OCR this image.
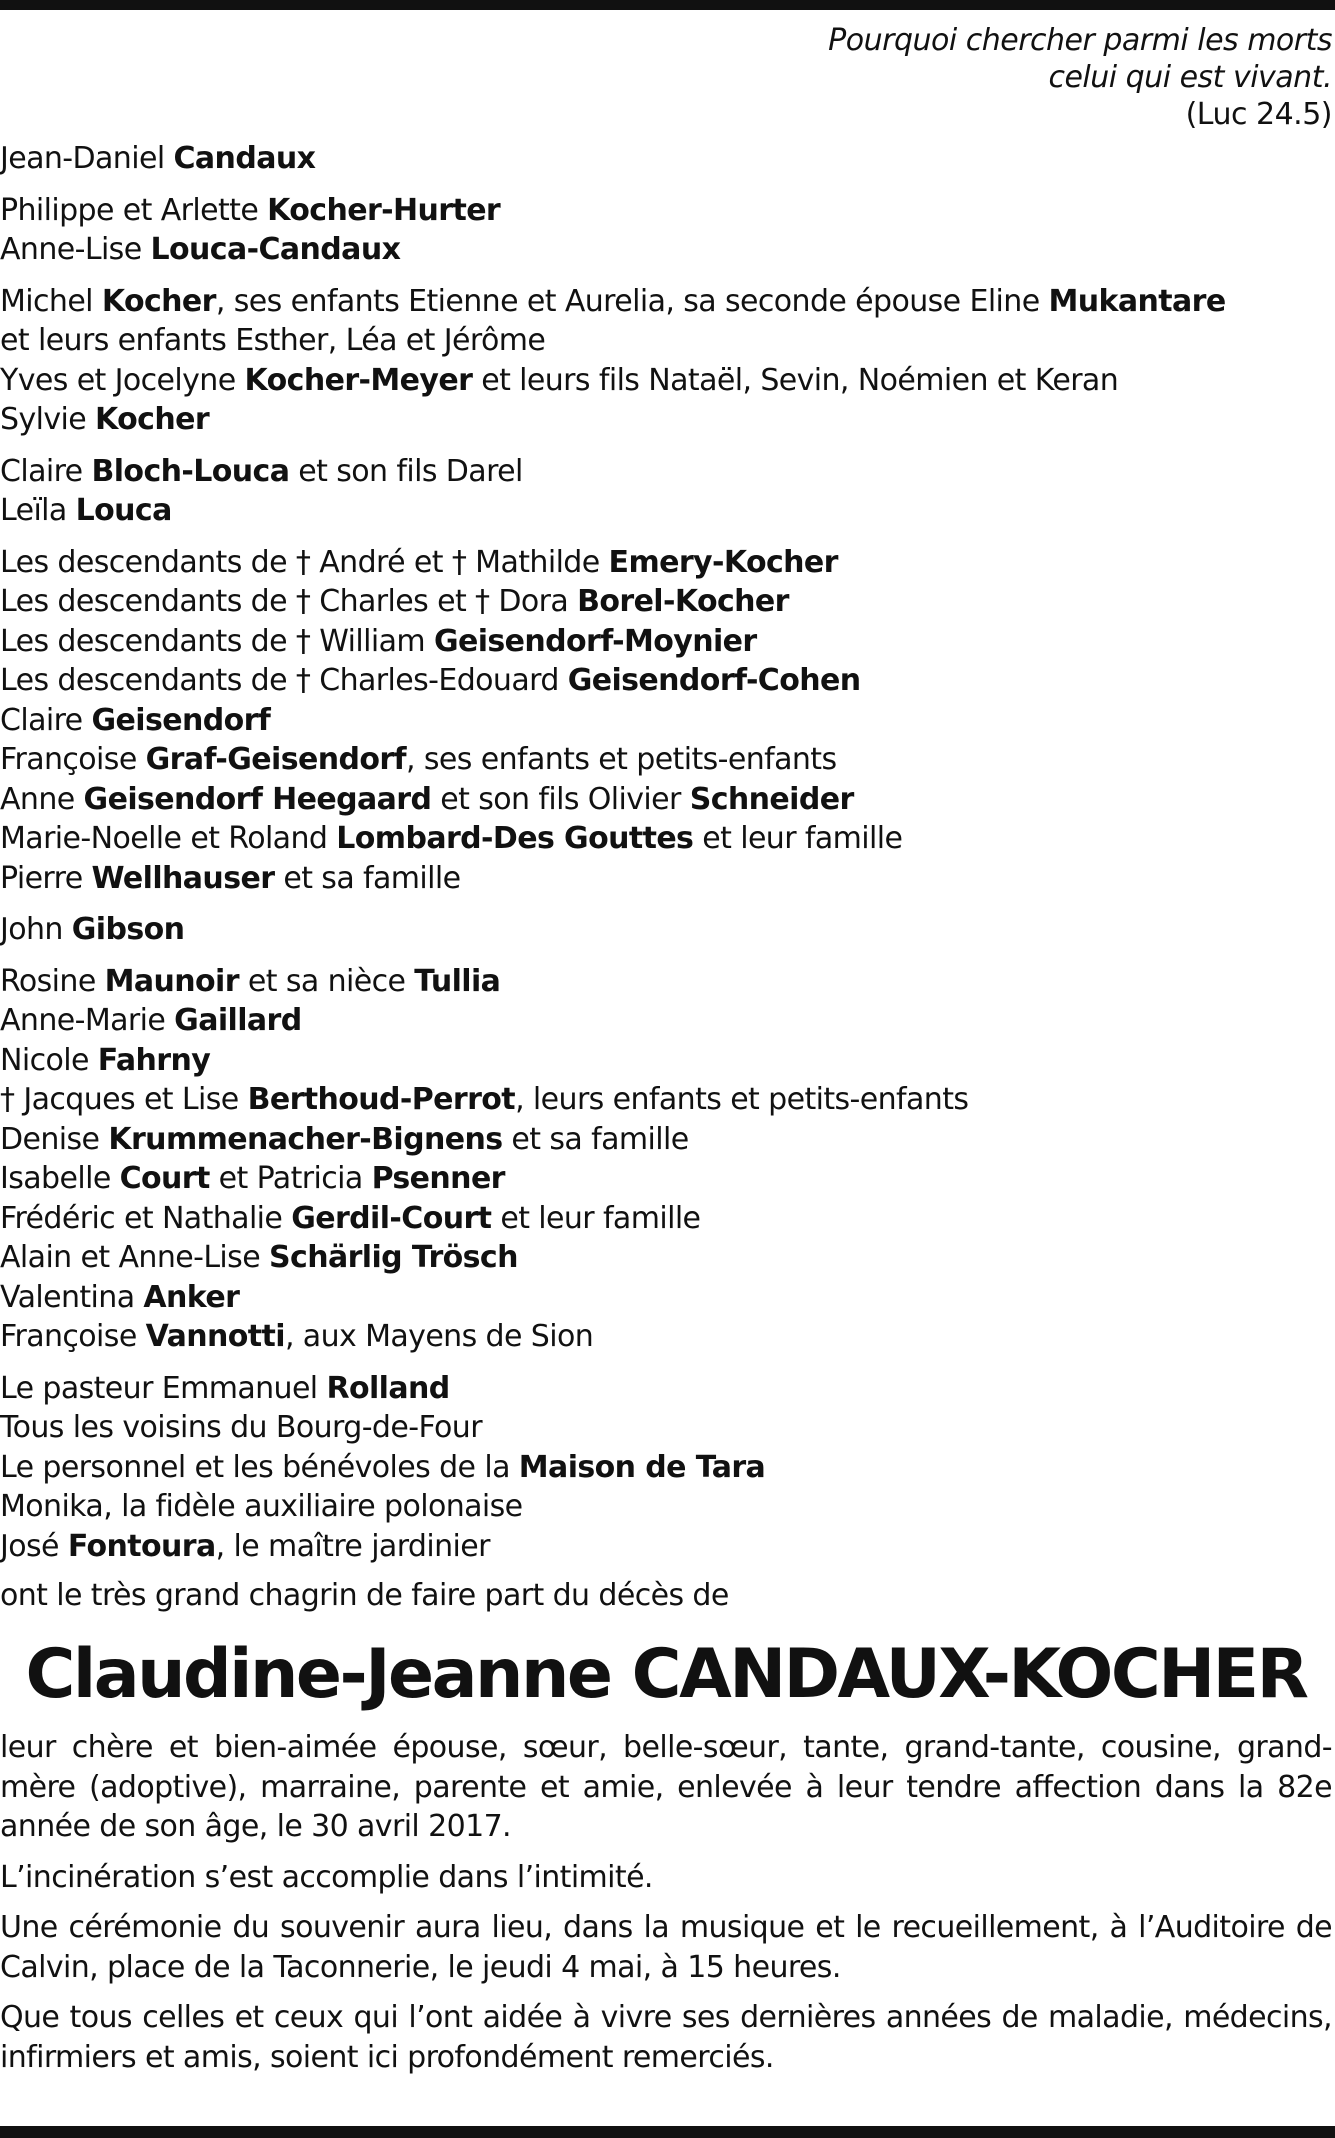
Pourquoi chercher parmi les morts
celui qui est vivant.
(Luc 24.5)
Jean-Daniel Candaux
Philippe et Arlette Kocher-Hurter
Anne-Lise Louca-Candaux
Michel Kocher, ses enfants Etienne et Aurelia, sa seconde épouse Eline Mukantare
et leurs enfants Esther, Léa et Jérôme
Yves et Jocelyne Kocher-Meyer et leurs fils Nataël, Sevin, Noémien et Keran
Sylvie Kocher
Claire Bloch-Louca et son fils Darel
Leïla Louca
Les descendants de † André et † Mathilde Emery-Kocher
Les descendants de † Charles et † Dora Borel-Kocher
Les descendants de † William Geisendorf-Moynier
Les descendants de † Charles-Edouard Geisendorf-Cohen
Claire Geisendorf
Françoise Graf-Geisendorf, ses enfants et petits-enfants
Anne Geisendorf Heegaard et son fils Olivier Schneider
Marie-Noelle et Roland Lombard-Des Gouttes et leur famille
Pierre Wellhauser et sa famille
John Gibson
Rosine Maunoir et sa nièce Tullia
Anne-Marie Gaillard
Nicole Fahrny
† Jacques et Lise Berthoud-Perrot, leurs enfants et petits-enfants
Denise Krummenacher-Bignens et sa famille
Isabelle Court et Patricia Psenner
Frédéric et Nathalie Gerdil-Court et leur famille
Alain et Anne-Lise Schärlig Trösch
Valentina Anker
Françoise Vannotti, aux Mayens de Sion
Le pasteur Emmanuel Rolland
Tous les voisins du Bourg-de-Four
Le personnel et les bénévoles de la Maison de Tara
Monika, la fidèle auxiliaire polonaise
José Fontoura, le maître jardinier
ont le très grand chagrin de faire part du décès de
Claudine-Jeanne CANDAUX-KOCHER
leur chère et bien-aimée épouse, sœur, belle-sœur, tante, grand-tante, cousine, grand-mère (adoptive), marraine, parente et amie, enlevée à leur tendre affection dans la 82e année de son âge, le 30 avril 2017.
L’incinération s’est accomplie dans l’intimité.
Une cérémonie du souvenir aura lieu, dans la musique et le recueillement, à l’Auditoire de Calvin, place de la Taconnerie, le jeudi 4 mai, à 15 heures.
Que tous celles et ceux qui l’ont aidée à vivre ses dernières années de maladie, médecins, infirmiers et amis, soient ici profondément remerciés.
